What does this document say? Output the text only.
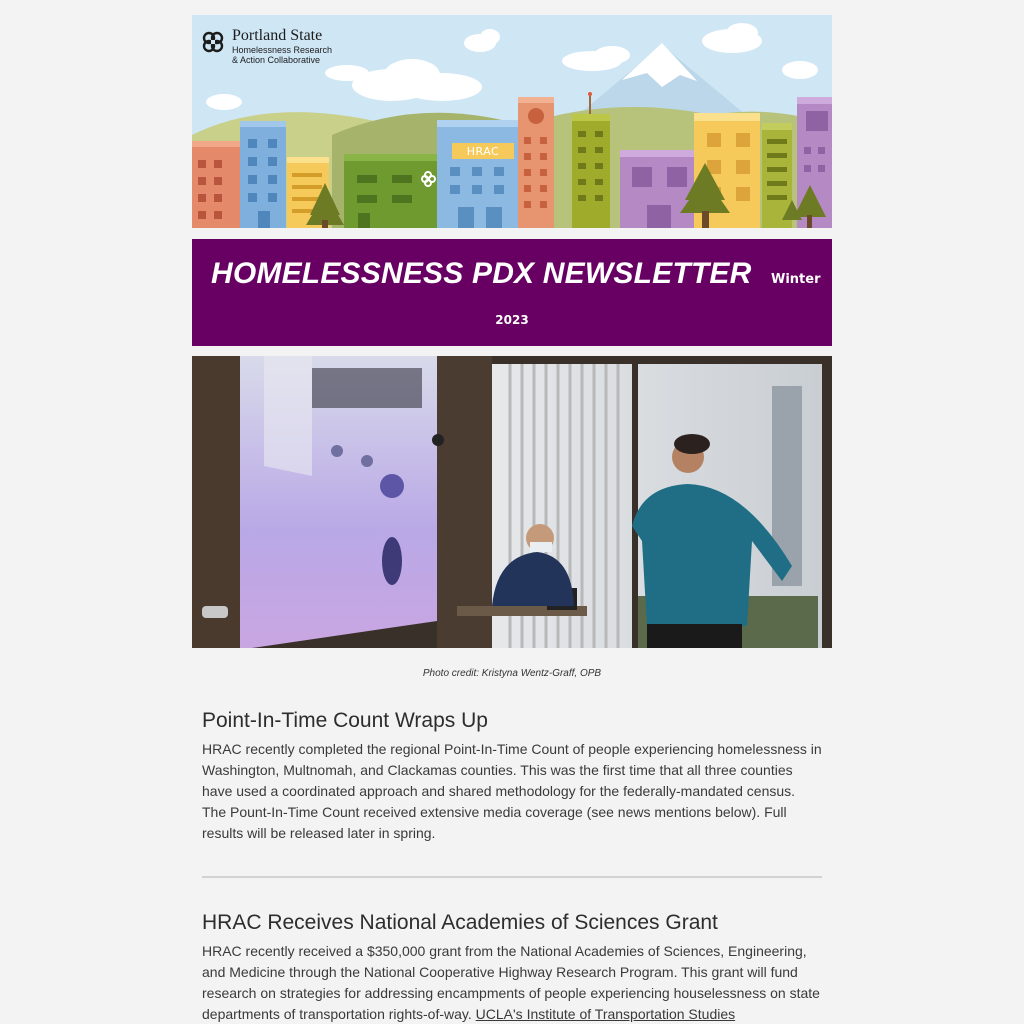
Portland State
Homelessness Research
& Action Collaborative
HRAC
HOMELESSNESS PDX NEWSLETTER Winter
2023
Photo credit: Kristyna Wentz-Graff, OPB
Point-In-Time Count Wraps Up

HRAC recently completed the regional Point-In-Time Count of people experiencing homelessness in Washington, Multnomah, and Clackamas counties. This was the first time that all three counties have used a coordinated approach and shared methodology for the federally-mandated census. The Pount-In-Time Count received extensive media coverage (see news mentions below). Full results will be released later in spring.

HRAC Receives National Academies of Sciences Grant

HRAC recently received a $350,000 grant from the National Academies of Sciences, Engineering, and Medicine through the National Cooperative Highway Research Program. This grant will fund research on strategies for addressing encampments of people experiencing houselessness on state departments of transportation rights-of-way. UCLA's Institute of Transportation Studies
